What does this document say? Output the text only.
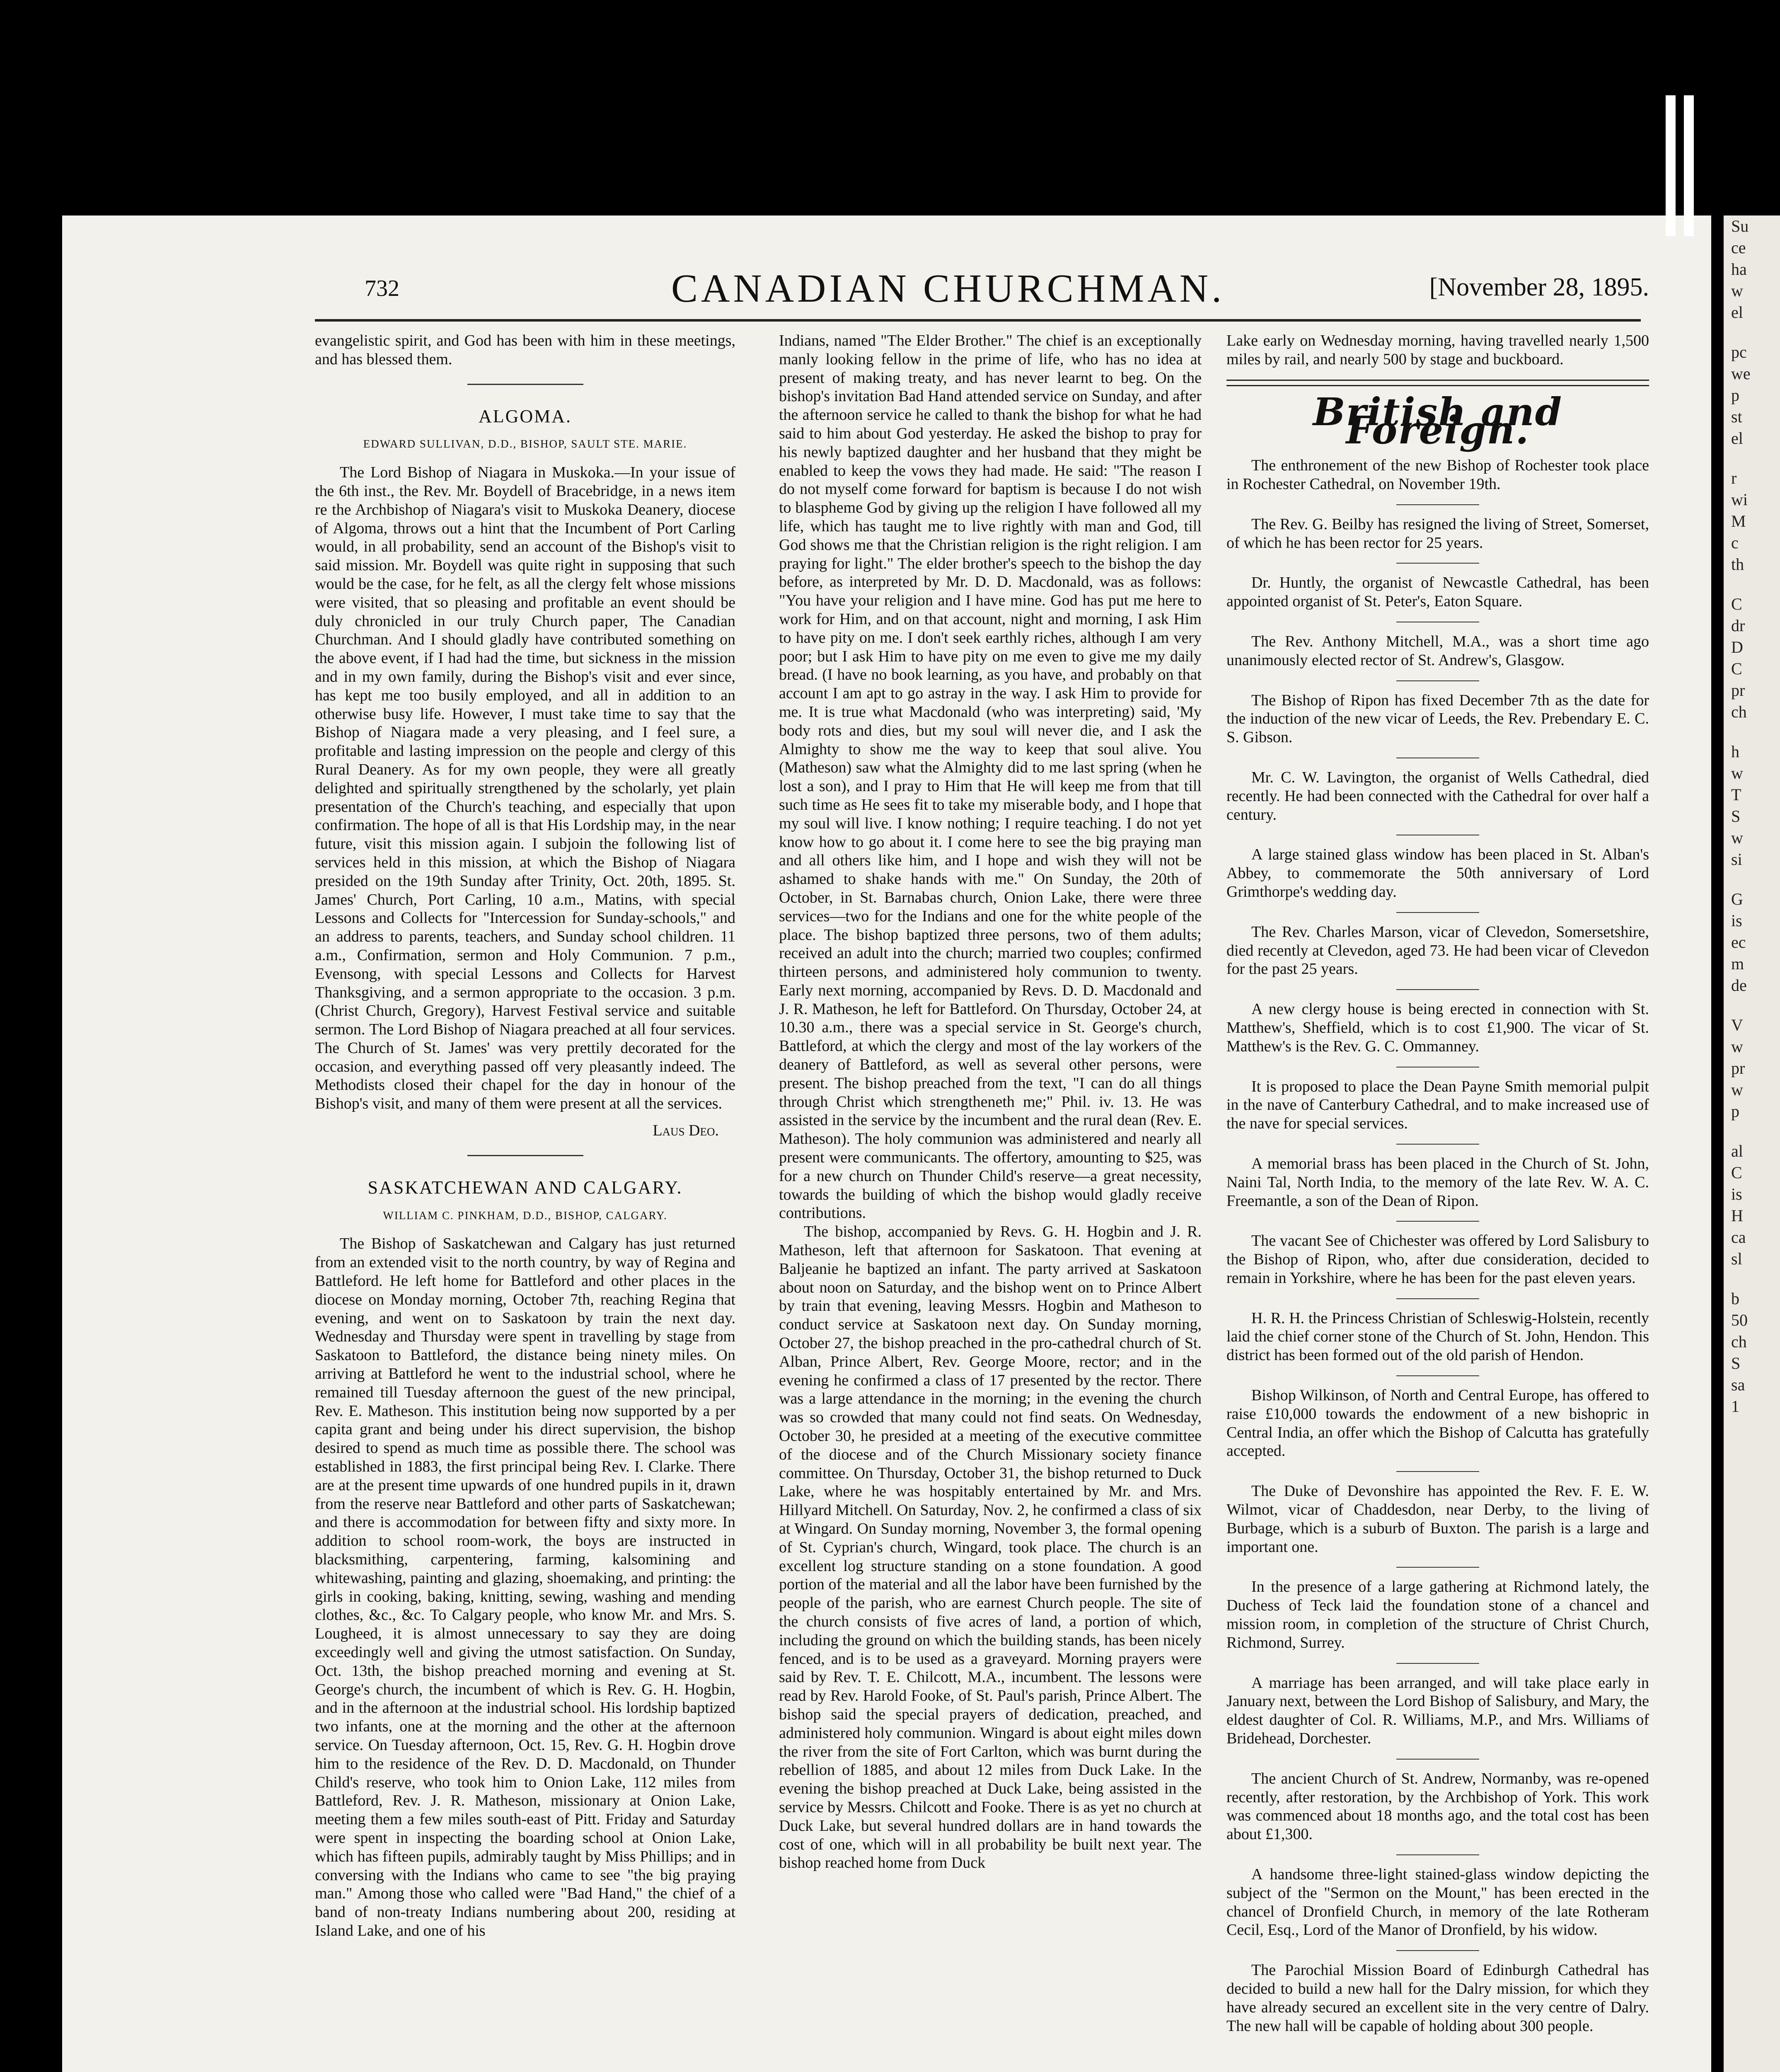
Su
ce
ha
w
el
pc
we
p
st
el
r
wi
M
c
th
C
dr
D
C
pr
ch
h
w
T
S
w
si
G
is
ec
m
de
V
w
pr
w
p
al
C
is
H
ca
sl
b
50
ch
S
sa
1
732	CANADIAN CHURCHMAN.	[November 28, 1895.

evangelistic spirit, and God has been with him in these meetings, and has blessed them.

ALGOMA.
EDWARD SULLIVAN, D.D., BISHOP, SAULT STE. MARIE.

The Lord Bishop of Niagara in Muskoka.—In your issue of the 6th inst., the Rev. Mr. Boydell of Bracebridge, in a news item re the Archbishop of Niagara's visit to Muskoka Deanery, diocese of Algoma, throws out a hint that the Incumbent of Port Carling would, in all probability, send an account of the Bishop's visit to said mission. Mr. Boydell was quite right in supposing that such would be the case, for he felt, as all the clergy felt whose missions were visited, that so pleasing and profitable an event should be duly chronicled in our truly Church paper, The Canadian Churchman. And I should gladly have contributed something on the above event, if I had had the time, but sickness in the mission and in my own family, during the Bishop's visit and ever since, has kept me too busily employed, and all in addition to an otherwise busy life. However, I must take time to say that the Bishop of Niagara made a very pleasing, and I feel sure, a profitable and lasting impression on the people and clergy of this Rural Deanery. As for my own people, they were all greatly delighted and spiritually strengthened by the scholarly, yet plain presentation of the Church's teaching, and especially that upon confirmation. The hope of all is that His Lordship may, in the near future, visit this mission again. I subjoin the following list of services held in this mission, at which the Bishop of Niagara presided on the 19th Sunday after Trinity, Oct. 20th, 1895. St. James' Church, Port Carling, 10 a.m., Matins, with special Lessons and Collects for "Intercession for Sunday-schools," and an address to parents, teachers, and Sunday school children. 11 a.m., Confirmation, sermon and Holy Communion. 7 p.m., Evensong, with special Lessons and Collects for Harvest Thanksgiving, and a sermon appropriate to the occasion. 3 p.m. (Christ Church, Gregory), Harvest Festival service and suitable sermon. The Lord Bishop of Niagara preached at all four services. The Church of St. James' was very prettily decorated for the occasion, and everything passed off very pleasantly indeed. The Methodists closed their chapel for the day in honour of the Bishop's visit, and many of them were present at all the services.

Laus Deo.
SASKATCHEWAN AND CALGARY.
WILLIAM C. PINKHAM, D.D., BISHOP, CALGARY.

The Bishop of Saskatchewan and Calgary has just returned from an extended visit to the north country, by way of Regina and Battleford. He left home for Battleford and other places in the diocese on Monday morning, October 7th, reaching Regina that evening, and went on to Saskatoon by train the next day. Wednesday and Thursday were spent in travelling by stage from Saskatoon to Battleford, the distance being ninety miles. On arriving at Battleford he went to the industrial school, where he remained till Tuesday afternoon the guest of the new principal, Rev. E. Matheson. This institution being now supported by a per capita grant and being under his direct supervision, the bishop desired to spend as much time as possible there. The school was established in 1883, the first principal being Rev. I. Clarke. There are at the present time upwards of one hundred pupils in it, drawn from the reserve near Battleford and other parts of Saskatchewan; and there is accommodation for between fifty and sixty more. In addition to school room-work, the boys are instructed in blacksmithing, carpentering, farming, kalsomining and whitewashing, painting and glazing, shoemaking, and printing: the girls in cooking, baking, knitting, sewing, washing and mending clothes, &c., &c. To Calgary people, who know Mr. and Mrs. S. Lougheed, it is almost unnecessary to say they are doing exceedingly well and giving the utmost satisfaction. On Sunday, Oct. 13th, the bishop preached morning and evening at St. George's church, the incumbent of which is Rev. G. H. Hogbin, and in the afternoon at the industrial school. His lordship baptized two infants, one at the morning and the other at the afternoon service. On Tuesday afternoon, Oct. 15, Rev. G. H. Hogbin drove him to the residence of the Rev. D. D. Macdonald, on Thunder Child's reserve, who took him to Onion Lake, 112 miles from Battleford, Rev. J. R. Matheson, missionary at Onion Lake, meeting them a few miles south-east of Pitt. Friday and Saturday were spent in inspecting the boarding school at Onion Lake, which has fifteen pupils, admirably taught by Miss Phillips; and in conversing with the Indians who came to see "the big praying man." Among those who called were "Bad Hand," the chief of a band of non-treaty Indians numbering about 200, residing at Island Lake, and one of his

Indians, named "The Elder Brother." The chief is an exceptionally manly looking fellow in the prime of life, who has no idea at present of making treaty, and has never learnt to beg. On the bishop's invitation Bad Hand attended service on Sunday, and after the afternoon service he called to thank the bishop for what he had said to him about God yesterday. He asked the bishop to pray for his newly baptized daughter and her husband that they might be enabled to keep the vows they had made. He said: "The reason I do not myself come forward for baptism is because I do not wish to blaspheme God by giving up the religion I have followed all my life, which has taught me to live rightly with man and God, till God shows me that the Christian religion is the right religion. I am praying for light." The elder brother's speech to the bishop the day before, as interpreted by Mr. D. D. Macdonald, was as follows: "You have your religion and I have mine. God has put me here to work for Him, and on that account, night and morning, I ask Him to have pity on me. I don't seek earthly riches, although I am very poor; but I ask Him to have pity on me even to give me my daily bread. (I have no book learning, as you have, and probably on that account I am apt to go astray in the way. I ask Him to provide for me. It is true what Macdonald (who was interpreting) said, 'My body rots and dies, but my soul will never die, and I ask the Almighty to show me the way to keep that soul alive. You (Matheson) saw what the Almighty did to me last spring (when he lost a son), and I pray to Him that He will keep me from that till such time as He sees fit to take my miserable body, and I hope that my soul will live. I know nothing; I require teaching. I do not yet know how to go about it. I come here to see the big praying man and all others like him, and I hope and wish they will not be ashamed to shake hands with me." On Sunday, the 20th of October, in St. Barnabas church, Onion Lake, there were three services—two for the Indians and one for the white people of the place. The bishop baptized three persons, two of them adults; received an adult into the church; married two couples; confirmed thirteen persons, and administered holy communion to twenty. Early next morning, accompanied by Revs. D. D. Macdonald and J. R. Matheson, he left for Battleford. On Thursday, October 24, at 10.30 a.m., there was a special service in St. George's church, Battleford, at which the clergy and most of the lay workers of the deanery of Battleford, as well as several other persons, were present. The bishop preached from the text, "I can do all things through Christ which strengtheneth me;" Phil. iv. 13. He was assisted in the service by the incumbent and the rural dean (Rev. E. Matheson). The holy communion was administered and nearly all present were communicants. The offertory, amounting to $25, was for a new church on Thunder Child's reserve—a great necessity, towards the building of which the bishop would gladly receive contributions.

The bishop, accompanied by Revs. G. H. Hogbin and J. R. Matheson, left that afternoon for Saskatoon. That evening at Baljeanie he baptized an infant. The party arrived at Saskatoon about noon on Saturday, and the bishop went on to Prince Albert by train that evening, leaving Messrs. Hogbin and Matheson to conduct service at Saskatoon next day. On Sunday morning, October 27, the bishop preached in the pro-cathedral church of St. Alban, Prince Albert, Rev. George Moore, rector; and in the evening he confirmed a class of 17 presented by the rector. There was a large attendance in the morning; in the evening the church was so crowded that many could not find seats. On Wednesday, October 30, he presided at a meeting of the executive committee of the diocese and of the Church Missionary society finance committee. On Thursday, October 31, the bishop returned to Duck Lake, where he was hospitably entertained by Mr. and Mrs. Hillyard Mitchell. On Saturday, Nov. 2, he confirmed a class of six at Wingard. On Sunday morning, November 3, the formal opening of St. Cyprian's church, Wingard, took place. The church is an excellent log structure standing on a stone foundation. A good portion of the material and all the labor have been furnished by the people of the parish, who are earnest Church people. The site of the church consists of five acres of land, a portion of which, including the ground on which the building stands, has been nicely fenced, and is to be used as a graveyard. Morning prayers were said by Rev. T. E. Chilcott, M.A., incumbent. The lessons were read by Rev. Harold Fooke, of St. Paul's parish, Prince Albert. The bishop said the special prayers of dedication, preached, and administered holy communion. Wingard is about eight miles down the river from the site of Fort Carlton, which was burnt during the rebellion of 1885, and about 12 miles from Duck Lake. In the evening the bishop preached at Duck Lake, being assisted in the service by Messrs. Chilcott and Fooke. There is as yet no church at Duck Lake, but several hundred dollars are in hand towards the cost of one, which will in all probability be built next year. The bishop reached home from Duck

Lake early on Wednesday morning, having travelled nearly 1,500 miles by rail, and nearly 500 by stage and buckboard.

British and Foreign.

The enthronement of the new Bishop of Rochester took place in Rochester Cathedral, on November 19th.

The Rev. G. Beilby has resigned the living of Street, Somerset, of which he has been rector for 25 years.

Dr. Huntly, the organist of Newcastle Cathedral, has been appointed organist of St. Peter's, Eaton Square.

The Rev. Anthony Mitchell, M.A., was a short time ago unanimously elected rector of St. Andrew's, Glasgow.

The Bishop of Ripon has fixed December 7th as the date for the induction of the new vicar of Leeds, the Rev. Prebendary E. C. S. Gibson.

Mr. C. W. Lavington, the organist of Wells Cathedral, died recently. He had been connected with the Cathedral for over half a century.

A large stained glass window has been placed in St. Alban's Abbey, to commemorate the 50th anniversary of Lord Grimthorpe's wedding day.

The Rev. Charles Marson, vicar of Clevedon, Somersetshire, died recently at Clevedon, aged 73. He had been vicar of Clevedon for the past 25 years.

A new clergy house is being erected in connection with St. Matthew's, Sheffield, which is to cost £1,900. The vicar of St. Matthew's is the Rev. G. C. Ommanney.

It is proposed to place the Dean Payne Smith memorial pulpit in the nave of Canterbury Cathedral, and to make increased use of the nave for special services.

A memorial brass has been placed in the Church of St. John, Naini Tal, North India, to the memory of the late Rev. W. A. C. Freemantle, a son of the Dean of Ripon.

The vacant See of Chichester was offered by Lord Salisbury to the Bishop of Ripon, who, after due consideration, decided to remain in Yorkshire, where he has been for the past eleven years.

H. R. H. the Princess Christian of Schleswig-Holstein, recently laid the chief corner stone of the Church of St. John, Hendon. This district has been formed out of the old parish of Hendon.

Bishop Wilkinson, of North and Central Europe, has offered to raise £10,000 towards the endowment of a new bishopric in Central India, an offer which the Bishop of Calcutta has gratefully accepted.

The Duke of Devonshire has appointed the Rev. F. E. W. Wilmot, vicar of Chaddesdon, near Derby, to the living of Burbage, which is a suburb of Buxton. The parish is a large and important one.

In the presence of a large gathering at Richmond lately, the Duchess of Teck laid the foundation stone of a chancel and mission room, in completion of the structure of Christ Church, Richmond, Surrey.

A marriage has been arranged, and will take place early in January next, between the Lord Bishop of Salisbury, and Mary, the eldest daughter of Col. R. Williams, M.P., and Mrs. Williams of Bridehead, Dorchester.

The ancient Church of St. Andrew, Normanby, was re-opened recently, after restoration, by the Archbishop of York. This work was commenced about 18 months ago, and the total cost has been about £1,300.

A handsome three-light stained-glass window depicting the subject of the "Sermon on the Mount," has been erected in the chancel of Dronfield Church, in memory of the late Rotheram Cecil, Esq., Lord of the Manor of Dronfield, by his widow.

The Parochial Mission Board of Edinburgh Cathedral has decided to build a new hall for the Dalry mission, for which they have already secured an excellent site in the very centre of Dalry. The new hall will be capable of holding about 300 people.
